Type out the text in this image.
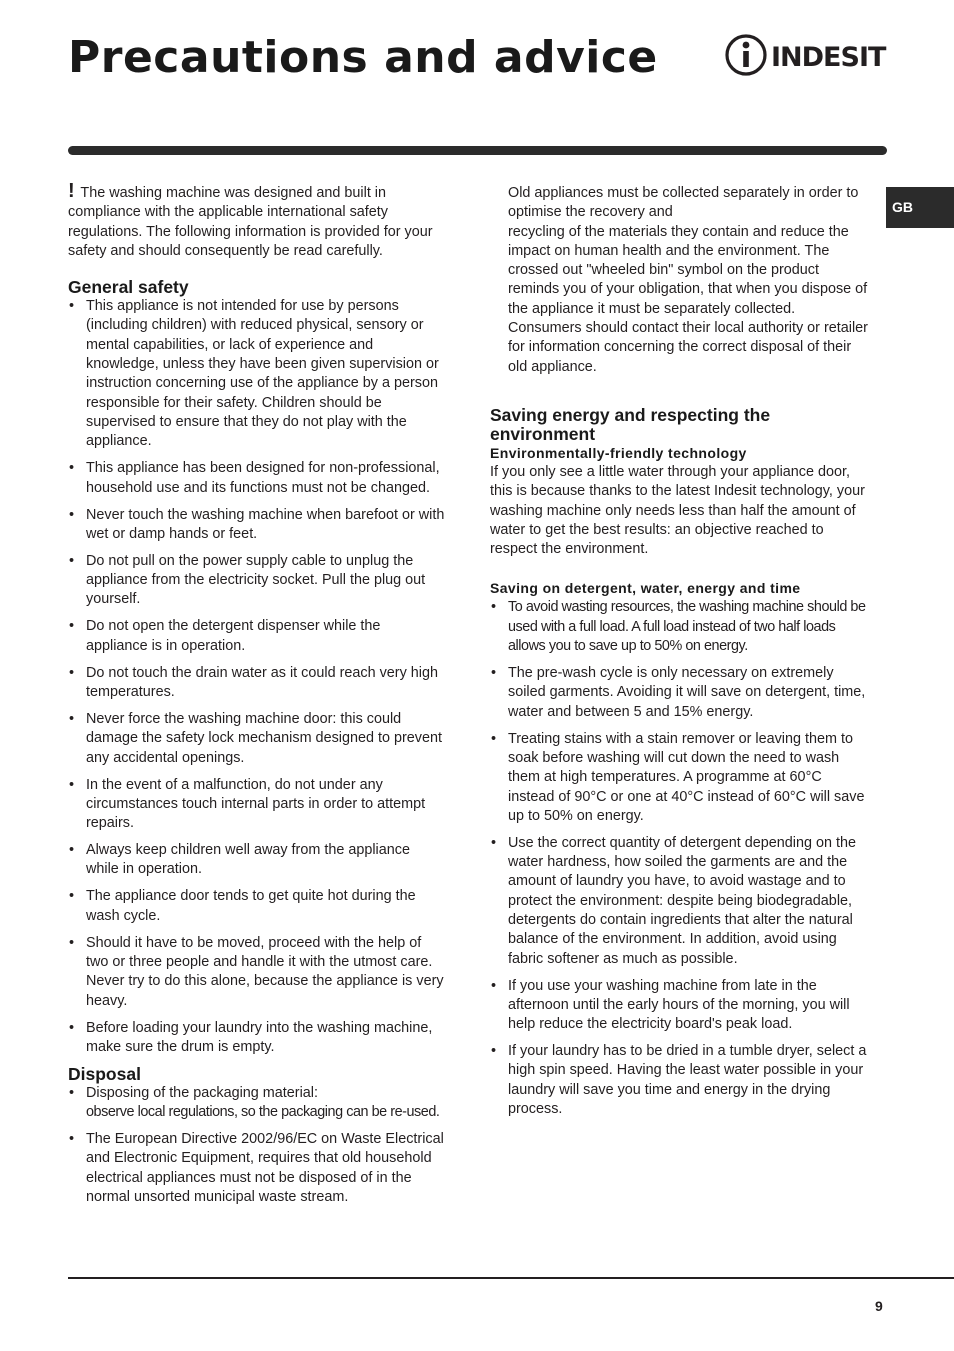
Precautions and advice	INDESIT
GB

! The washing machine was designed and built in compliance with the applicable international safety regulations. The following information is provided for your safety and should consequently be read carefully.

General safety
• This appliance is not intended for use by persons (including children) with reduced physical, sensory or mental capabilities, or lack of experience and knowledge, unless they have been given supervision or instruction concerning use of the appliance by a person responsible for their safety. Children should be supervised to ensure that they do not play with the appliance.
• This appliance has been designed for non-professional, household use and its functions must not be changed.
• Never touch the washing machine when barefoot or with wet or damp hands or feet.
• Do not pull on the power supply cable to unplug the appliance from the electricity socket. Pull the plug out yourself.
• Do not open the detergent dispenser while the appliance is in operation.
• Do not touch the drain water as it could reach very high temperatures.
• Never force the washing machine door: this could damage the safety lock mechanism designed to prevent any accidental openings.
• In the event of a malfunction, do not under any circumstances touch internal parts in order to attempt repairs.
• Always keep children well away from the appliance while in operation.
• The appliance door tends to get quite hot during the wash cycle.
• Should it have to be moved, proceed with the help of two or three people and handle it with the utmost care. Never try to do this alone, because the appliance is very heavy.
• Before loading your laundry into the washing machine, make sure the drum is empty.
Disposal
• Disposing of the packaging material:
observe local regulations, so the packaging can be re-used.
• The European Directive 2002/96/EC on Waste Electrical and Electronic Equipment, requires that old household electrical appliances must not be disposed of in the normal unsorted municipal waste stream.

Old appliances must be collected separately in order to optimise the recovery and

recycling of the materials they contain and reduce the impact on human health and the environment. The crossed out "wheeled bin" symbol on the product reminds you of your obligation, that when you dispose of the appliance it must be separately collected.

Consumers should contact their local authority or retailer for information concerning the correct disposal of their old appliance.

Saving energy and respecting the environment
Environmentally-friendly technology

If you only see a little water through your appliance door, this is because thanks to the latest Indesit technology, your washing machine only needs less than half the amount of water to get the best results: an objective reached to respect the environment.

Saving on detergent, water, energy and time
• To avoid wasting resources, the washing machine should be used with a full load. A full load instead of two half loads allows you to save up to 50% on energy.
• The pre-wash cycle is only necessary on extremely soiled garments. Avoiding it will save on detergent, time, water and between 5 and 15% energy.
• Treating stains with a stain remover or leaving them to soak before washing will cut down the need to wash them at high temperatures. A programme at 60°C instead of 90°C or one at 40°C instead of 60°C will save up to 50% on energy.
• Use the correct quantity of detergent depending on the water hardness, how soiled the garments are and the amount of laundry you have, to avoid wastage and to protect the environment: despite being biodegradable, detergents do contain ingredients that alter the natural balance of the environment. In addition, avoid using fabric softener as much as possible.
• If you use your washing machine from late in the afternoon until the early hours of the morning, you will help reduce the electricity board's peak load.
• If your laundry has to be dried in a tumble dryer, select a high spin speed. Having the least water possible in your laundry will save you time and energy in the drying process.
9
